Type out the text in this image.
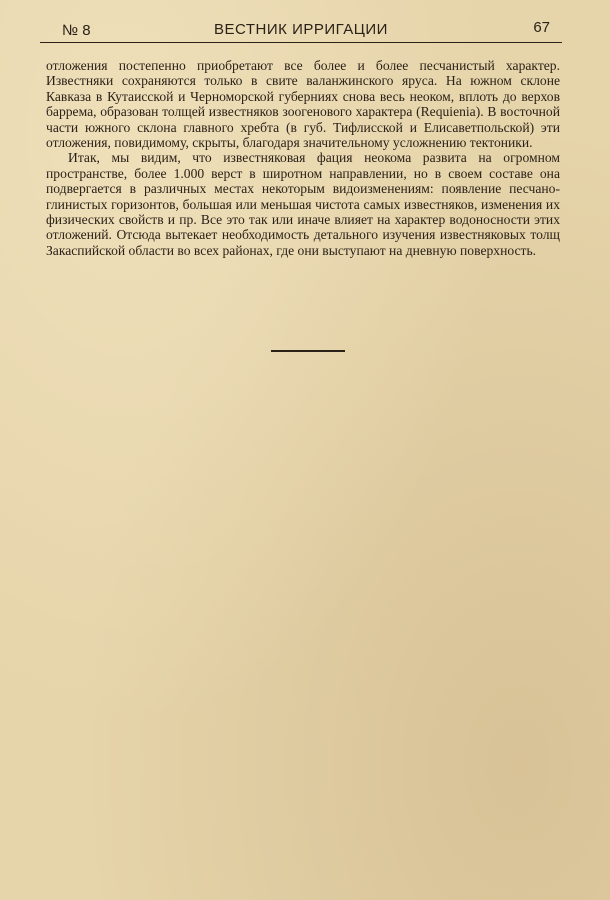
№ 8	ВЕСТНИК ИРРИГАЦИИ	67

отложения постепенно приобретают все более и более песчанистый характер. Известняки сохраняются только в свите валанжинского яруса. На южном склоне Кавказа в Кутаисской и Черноморской губерниях снова весь неоком, вплоть до верхов баррема, образован толщей известняков зоогенового характера (Requienia). В восточной части южного склона главного хребта (в губ. Тифлисской и Елисаветпольской) эти отложения, повидимому, скрыты, благодаря значительному усложнению тектоники.

Итак, мы видим, что известняковая фация неокома развита на огромном пространстве, более 1.000 верст в широтном направлении, но в своем составе она подвергается в различных местах некоторым видоизменениям: появление песчано-глинистых горизонтов, большая или меньшая чистота самых известняков, изменения их физических свойств и пр. Все это так или иначе влияет на характер водоносности этих отложений. Отсюда вытекает необходимость детального изучения известняковых толщ Закаспийской области во всех районах, где они выступают на дневную поверхность.
